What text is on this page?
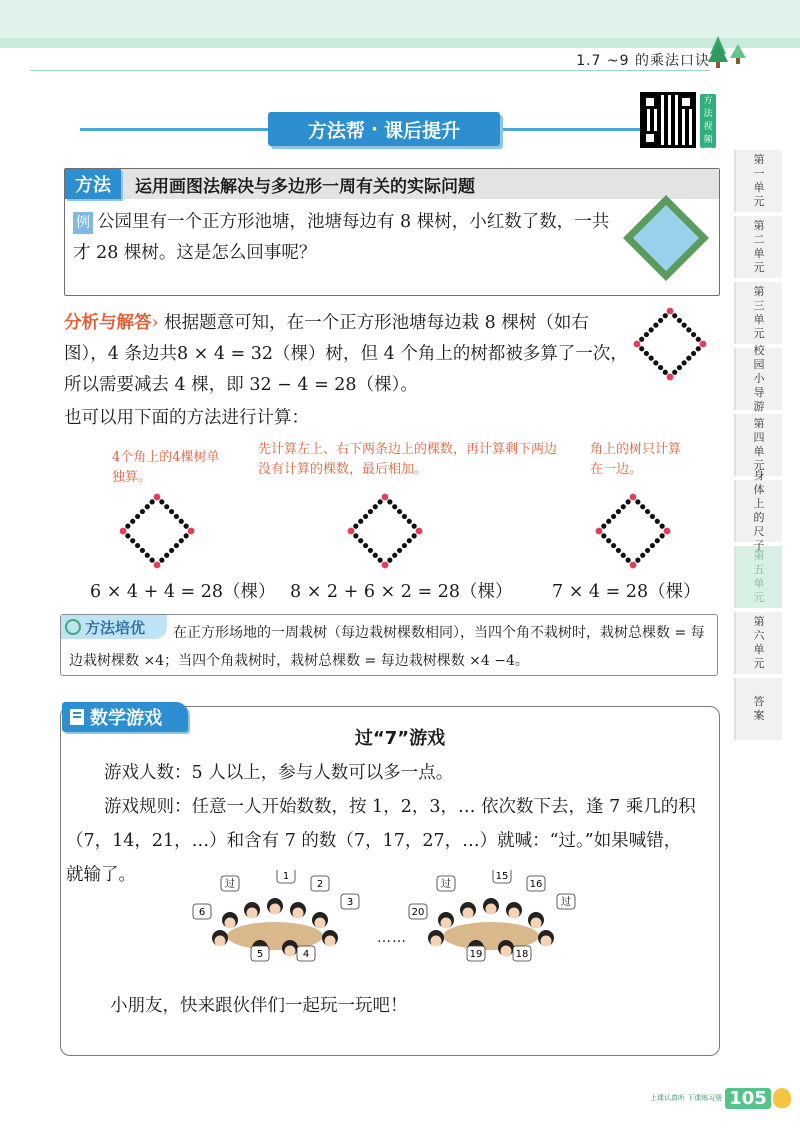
1.7 ~9 的乘法口诀
方法帮 · 课后提升
方法视频课	第一单元
第二单元
第三单元
校园小导游
第四单元
体上的尺
第五单元
第六单元
答案
方法	运用画图法解决与多边形一周有关的实际问题
例 公园里有一个正方形池塘，池塘每边有 8 棵树，小红数了数，一共才 28 棵树。这是怎么回事呢？
分析与解答› 根据题意可知，在一个正方形池塘每边栽 8 棵树（如右图），4 条边共8 × 4 = 32（棵）树，但 4 个角上的树都被多算了一次，所以需要减去 4 棵，即 32 − 4 = 28（棵）。
也可以用下面的方法进行计算：
4个角上的4棵树单独算。
先计算左上、右下两条边上的棵数，再计算剩下两边没有计算的棵数，最后相加。
角上的树只计算在一边。
6 × 4 + 4 = 28（棵） 8 × 2 + 6 × 2 = 28（棵） 7 × 4 = 28（棵）
在正方形场地的一周栽树（每边栽树棵数相同），当四个角不栽树时，栽树总棵数 = 每边栽树棵数 ×4；当四个角栽树时，栽树总棵数 = 每边栽树棵数 ×4 −4。
方法培优
数学游戏
过“7”游戏

游戏人数：5 人以上，参与人数可以多一点。

游戏规则：任意一人开始数数，按 1，2，3，… 依次数下去，逢 7 乘几的积（7，14，21，…）和含有 7 的数（7，17，27，…）就喊：“过。”如果喊错，

就输了。	过
1
2
3
6
5	4
……
过
15
16
过
20
19	18
小朋友，快来跟伙伴们一起玩一玩吧！
上课认真听 下课练习册 105
